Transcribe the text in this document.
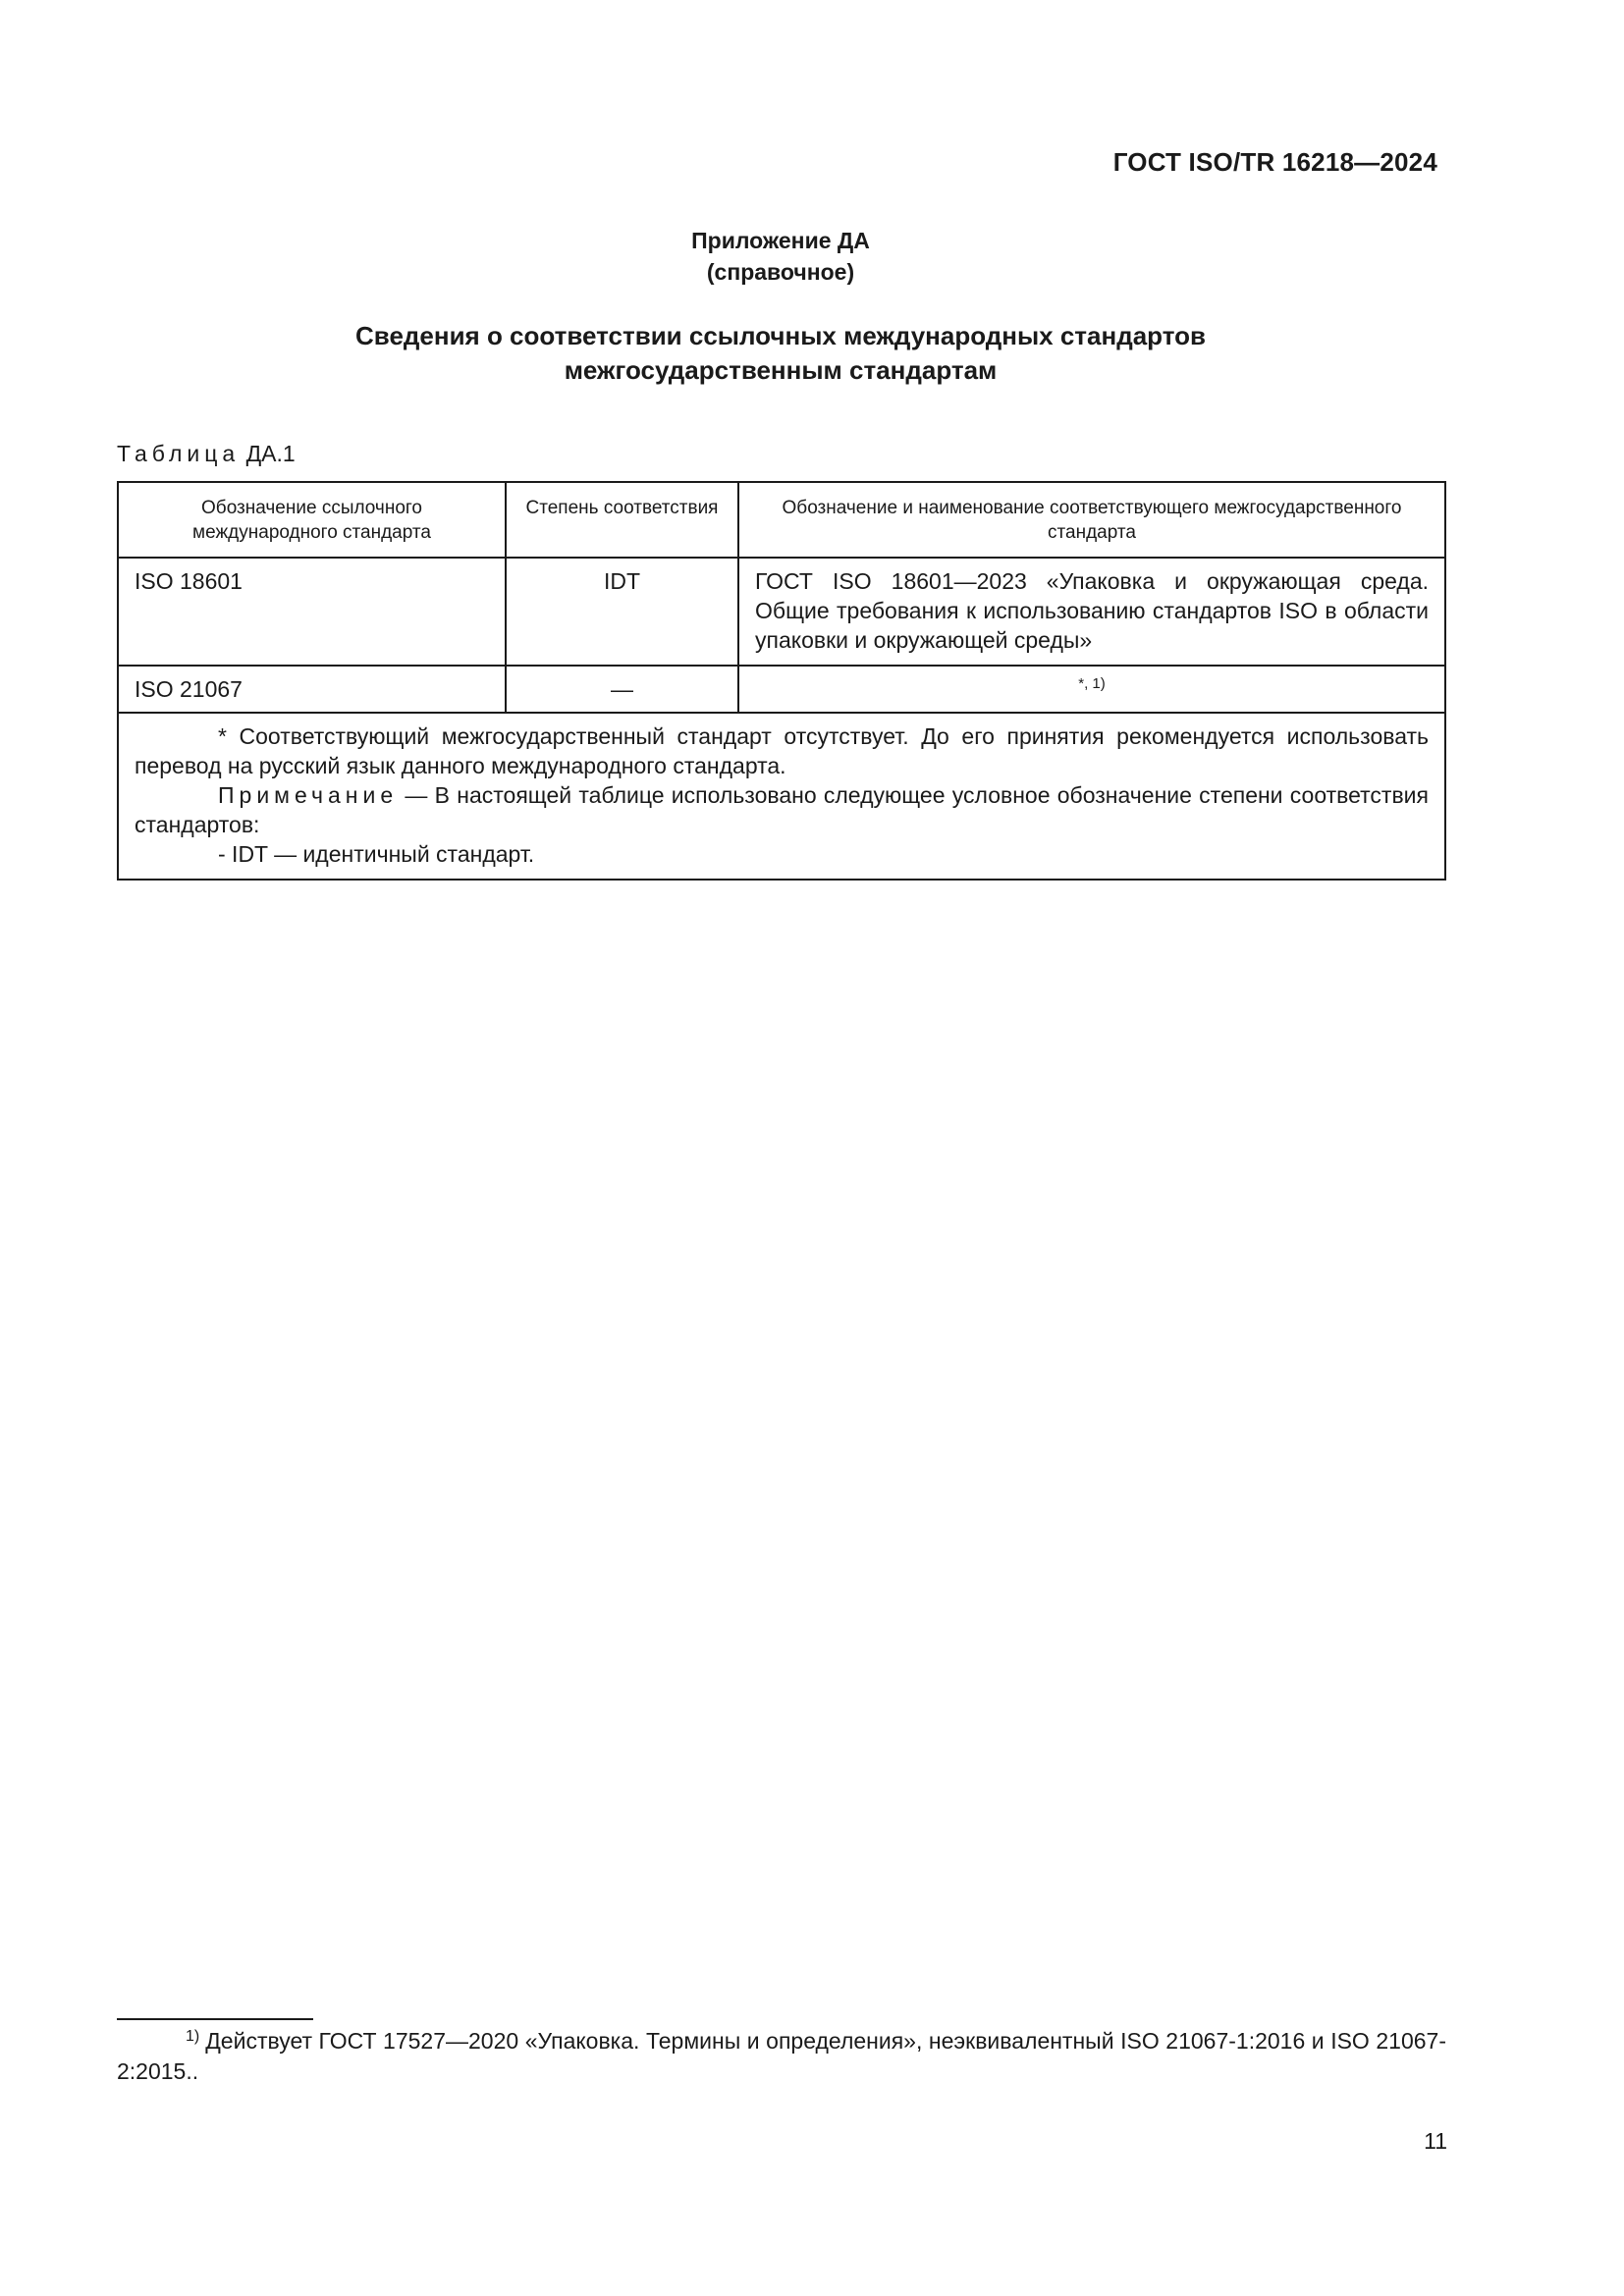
ГОСТ ISO/TR 16218—2024
Приложение ДА
(справочное)
Сведения о соответствии ссылочных международных стандартов
межгосударственным стандартам
Таблица ДА.1
Обозначение ссылочного международного стандарта	Степень соответствия	Обозначение и наименование соответствующего межгосударственного стандарта
ISO 18601	IDT	ГОСТ ISO 18601—2023 «Упаковка и окружающая среда. Общие требования к использованию стандартов ISO в области упаковки и окружающей среды»
ISO 21067	—	$^{*, 1)}$

* Соответствующий межгосударственный стандарт отсутствует. До его принятия рекомендуется использовать перевод на русский язык данного международного стандарта.

Примечание — В настоящей таблице использовано следующее условное обозначение степени соответствия стандартов:

- IDT — идентичный стандарт.		

$^{1)}$ Действует ГОСТ 17527—2020 «Упаковка. Термины и определения», неэквивалентный ISO 21067-1:2016 и ISO 21067-2:2015..
11
